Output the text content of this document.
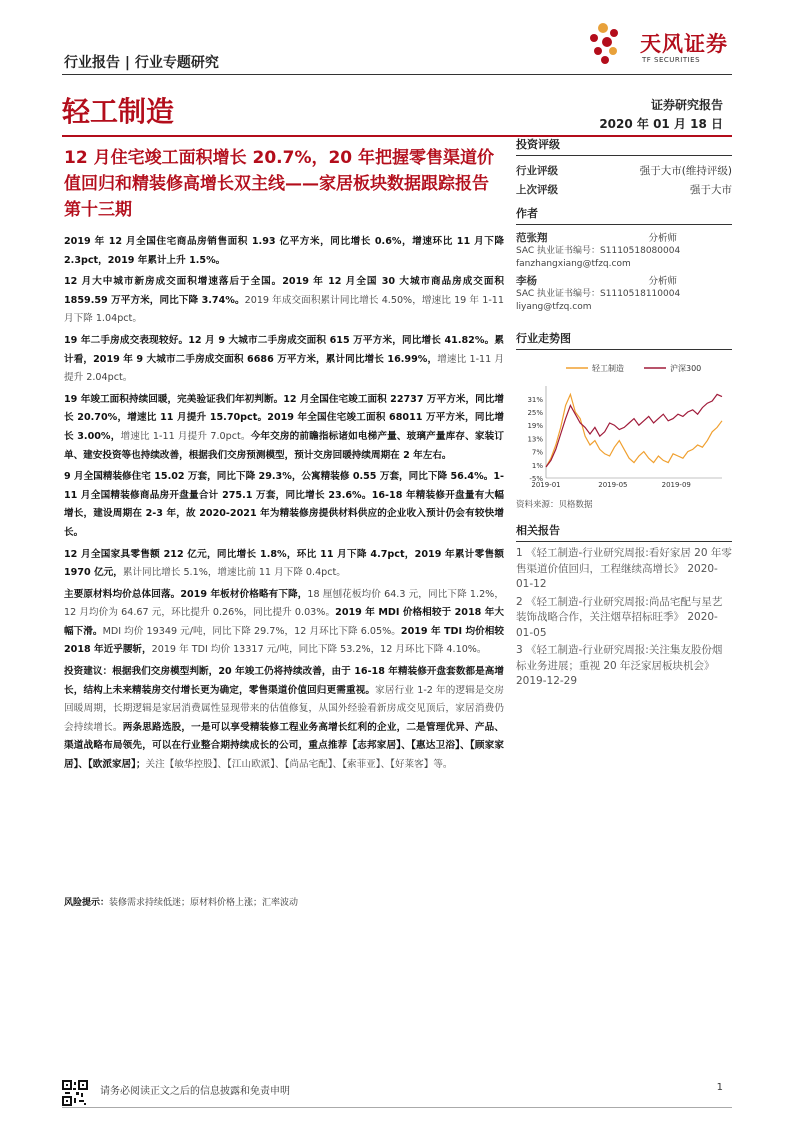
行业报告 | 行业专题研究
天风证券
TF SECURITIES
轻工制造	证券研究报告
2020 年 01 月 18 日
12 月住宅竣工面积增长 20.7%，20 年把握零售渠道价值回归和精装修高增长双主线——家居板块数据跟踪报告第十三期

2019 年 12 月全国住宅商品房销售面积 1.93 亿平方米，同比增长 0.6%，增速环比 11 月下降 2.3pct，2019 年累计上升 1.5%。

12 月大中城市新房成交面积增速落后于全国。2019 年 12 月全国 30 大城市商品房成交面积 1859.59 万平方米，同比下降 3.74%。2019 年成交面积累计同比增长 4.50%，增速比 19 年 1-11 月下降 1.04pct。

19 年二手房成交表现较好。12 月 9 大城市二手房成交面积 615 万平方米，同比增长 41.82%。累计看，2019 年 9 大城市二手房成交面积 6686 万平方米，累计同比增长 16.99%，增速比 1-11 月提升 2.04pct。

19 年竣工面积持续回暖，完美验证我们年初判断。12 月全国住宅竣工面积 22737 万平方米，同比增长 20.70%，增速比 11 月提升 15.70pct。2019 年全国住宅竣工面积 68011 万平方米，同比增长 3.00%，增速比 1-11 月提升 7.0pct。今年交房的前瞻指标诸如电梯产量、玻璃产量库存、家装订单、建安投资等也持续改善，根据我们交房预测模型，预计交房回暖持续周期在 2 年左右。

9 月全国精装修住宅 15.02 万套，同比下降 29.3%，公寓精装修 0.55 万套，同比下降 56.4%。1-11 月全国精装修商品房开盘量合计 275.1 万套，同比增长 23.6%。16-18 年精装修开盘量有大幅增长，建设周期在 2-3 年，故 2020-2021 年为精装修房提供材料供应的企业收入预计仍会有较快增长。

12 月全国家具零售额 212 亿元，同比增长 1.8%，环比 11 月下降 4.7pct，2019 年累计零售额 1970 亿元，累计同比增长 5.1%，增速比前 11 月下降 0.4pct。

主要原材料均价总体回落。2019 年板材价格略有下降，18 厘刨花板均价 64.3 元，同比下降 1.2%，12 月均价为 64.67 元，环比提升 0.26%，同比提升 0.03%。2019 年 MDI 价格相较于 2018 年大幅下滑。MDI 均价 19349 元/吨，同比下降 29.7%，12 月环比下降 6.05%。2019 年 TDI 均价相较 2018 年近乎腰斩，2019 年 TDI 均价 13317 元/吨，同比下降 53.2%，12 月环比下降 4.10%。

投资建议：根据我们交房模型判断，20 年竣工仍将持续改善，由于 16-18 年精装修开盘套数都是高增长，结构上未来精装房交付增长更为确定，零售渠道价值回归更需重视。家居行业 1-2 年的逻辑是交房回暖周期，长期逻辑是家居消费属性显现带来的估值修复，从国外经验看新房成交见顶后，家居消费仍会持续增长。两条思路选股，一是可以享受精装修工程业务高增长红利的企业，二是管理优异、产品、渠道战略布局领先，可以在行业整合期持续成长的公司，重点推荐【志邦家居】、【惠达卫浴】、【顾家家居】、【欧派家居】；关注【敏华控股】、【江山欧派】、【尚品宅配】、【索菲亚】、【好莱客】等。

风险提示：装修需求持续低迷；原材料价格上涨；汇率波动
投资评级
行业评级	强于大市(维持评级)
上次评级	强于大市
作者
范张翔	分析师
SAC 执业证书编号：S1110518080004
fanzhangxiang@tfzq.com
李杨	分析师
SAC 执业证书编号：S1110518110004
liyang@tfzq.com
行业走势图
轻工制造	沪深300
-5%
1%
7%
13%
19%
25%
31%
2019-01	2019-05	2019-09
资料来源：贝格数据
相关报告
1 《轻工制造-行业研究周报:看好家居 20 年零售渠道价值回归，工程继续高增长》 2020-01-12
2 《轻工制造-行业研究周报:尚品宅配与星艺装饰战略合作，关注烟草招标旺季》 2020-01-05
3 《轻工制造-行业研究周报:关注集友股份烟标业务进展；重视 20 年泛家居板块机会》 2019-12-29
请务必阅读正文之后的信息披露和免责申明	1
